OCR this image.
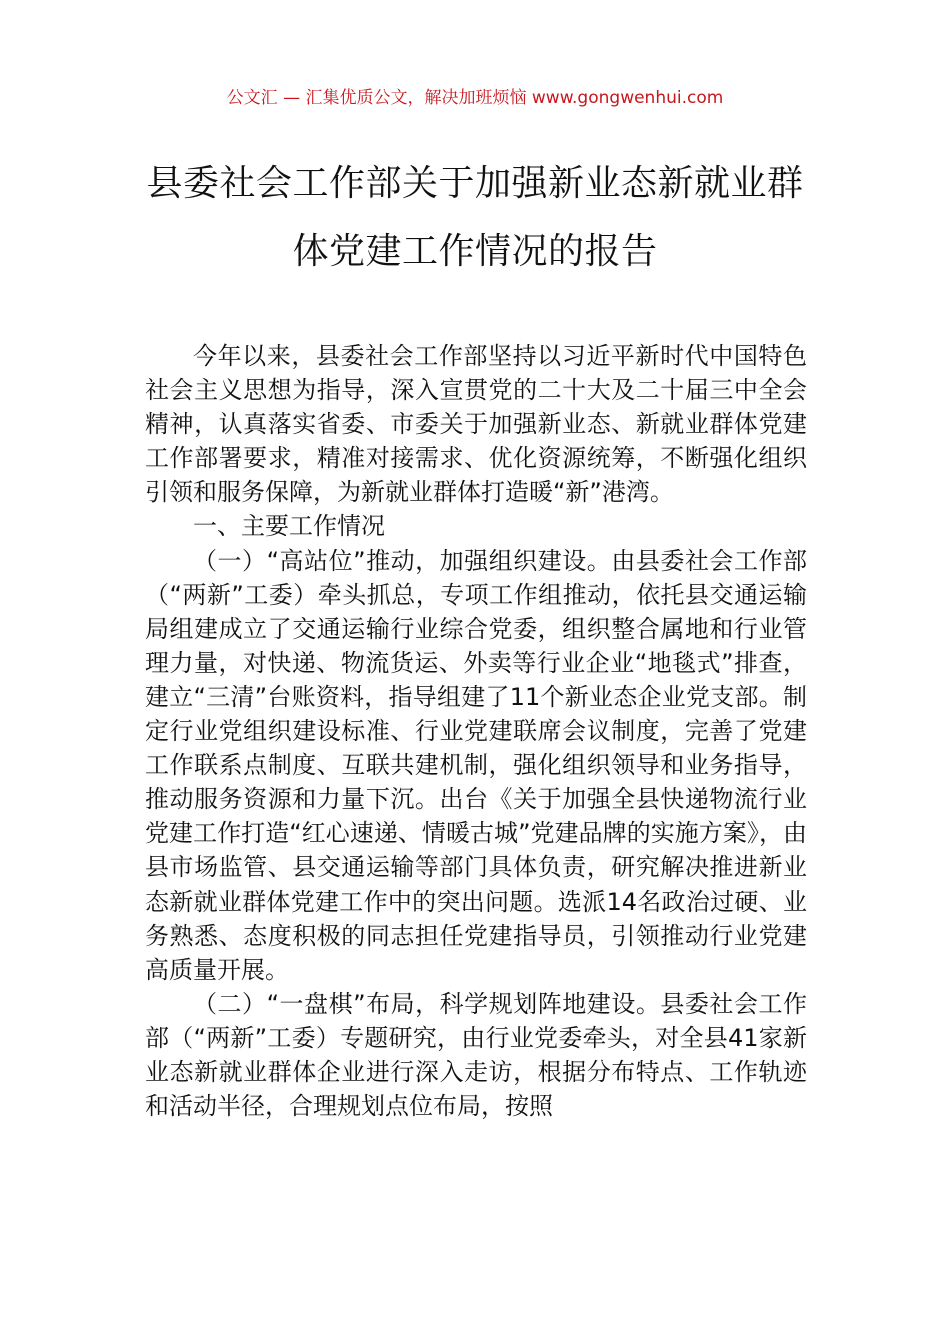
公文汇 — 汇集优质公文，解决加班烦恼 www.gongwenhui.com
县委社会工作部关于加强新业态新就业群
体党建工作情况的报告

今年以来，县委社会工作部坚持以习近平新时代中国特色社会主义思想为指导，深入宣贯党的二十大及二十届三中全会精神，认真落实省委、市委关于加强新业态、新就业群体党建工作部署要求，精准对接需求、优化资源统筹，不断强化组织引领和服务保障，为新就业群体打造暖“新”港湾。

一、主要工作情况

（一）“高站位”推动，加强组织建设。由县委社会工作部（“两新”工委）牵头抓总，专项工作组推动，依托县交通运输局组建成立了交通运输行业综合党委，组织整合属地和行业管理力量，对快递、物流货运、外卖等行业企业“地毯式”排查，建立“三清”台账资料，指导组建了11个新业态企业党支部。制定行业党组织建设标准、行业党建联席会议制度，完善了党建工作联系点制度、互联共建机制，强化组织领导和业务指导，推动服务资源和力量下沉。出台《关于加强全县快递物流行业党建工作打造“红心速递、情暖古城”党建品牌的实施方案》，由县市场监管、县交通运输等部门具体负责，研究解决推进新业态新就业群体党建工作中的突出问题。选派14名政治过硬、业务熟悉、态度积极的同志担任党建指导员，引领推动行业党建高质量开展。

（二）“一盘棋”布局，科学规划阵地建设。县委社会工作部（“两新”工委）专题研究，由行业党委牵头，对全县41家新业态新就业群体企业进行深入走访，根据分布特点、工作轨迹和活动半径，合理规划点位布局，按照
